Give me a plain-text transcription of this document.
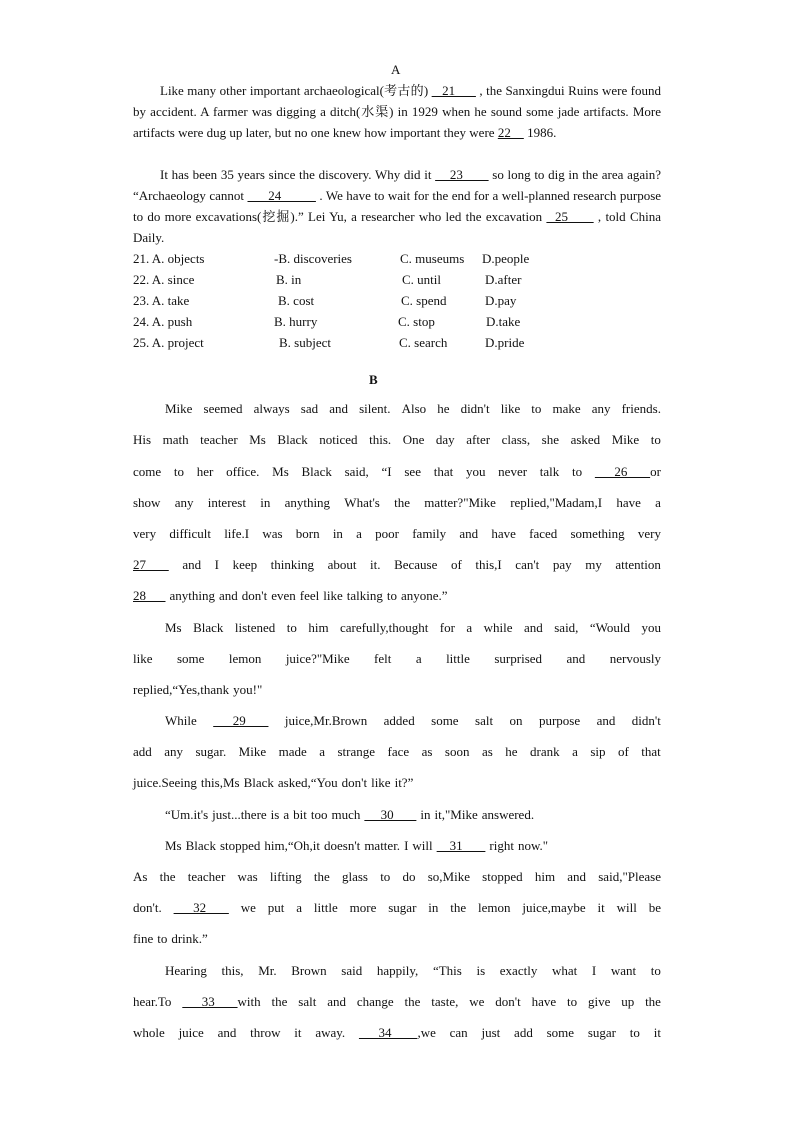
A
Like many other important archaeological(考古的)    21       , the Sanxingdui Ruins were found by accident. A farmer was digging a ditch(水渠) in 1929 when he sound some jade artifacts. More artifacts were dug up later, but no one knew how important they were 22     1986.
It has been 35 years since the discovery. Why did it     23        so long to dig in the area again? “Archaeology cannot       24           . We have to wait for the end for a well-planned research purpose to do more excavations(挖掘).” Lei Yu, a researcher who led the excavation   25       , told China Daily.
21. A. objects	-B. discoveries	C. museums D.people
22. A. since	B. in	C. until	D.after
23. A. take	B. cost	C. spend	D.pay
24. A. push	B. hurry	C. stop	D.take
25. A. project	B. subject	C. search	D.pride
B
Mike seemed always sad and silent. Also he didn't like to make any friends.
His math teacher Ms Black noticed this. One day after class, she asked Mike to
come to her office. Ms Black said, “I see that you never talk to 26       or
show any interest in anything What's the matter?"Mike replied,"Madam,I have a
very difficult life.I was born in a poor family and have faced something very
27 and I keep thinking about it. Because of this,I can't pay my attention
28 anything and don't even feel like talking to anyone.”
Ms Black listened to him carefully,thought for a while and said, “Would you
like some lemon juice?"Mike felt a little surprised and nervously
replied,“Yes,thank you!"
While 29 juice,Mr.Brown added some salt on purpose and didn't
add any sugar. Mike made a strange face as soon as he drank a sip of that
juice.Seeing this,Ms Black asked,“You don't like it?”
“Um.it's just...there is a bit too much 30 in it,"Mike answered.
Ms Black stopped him,“Oh,it doesn't matter. I will 31 right now."
As the teacher was lifting the glass to do so,Mike stopped him and said,"Please
don't. 32 we put a little more sugar in the lemon juice,maybe it will be
fine to drink.”
Hearing this, Mr. Brown said happily, “This is exactly what I want to
hear.To 33       with the salt and change the taste, we don't have to give up the
whole juice and throw it away. 34        ,we can just add some sugar to it
